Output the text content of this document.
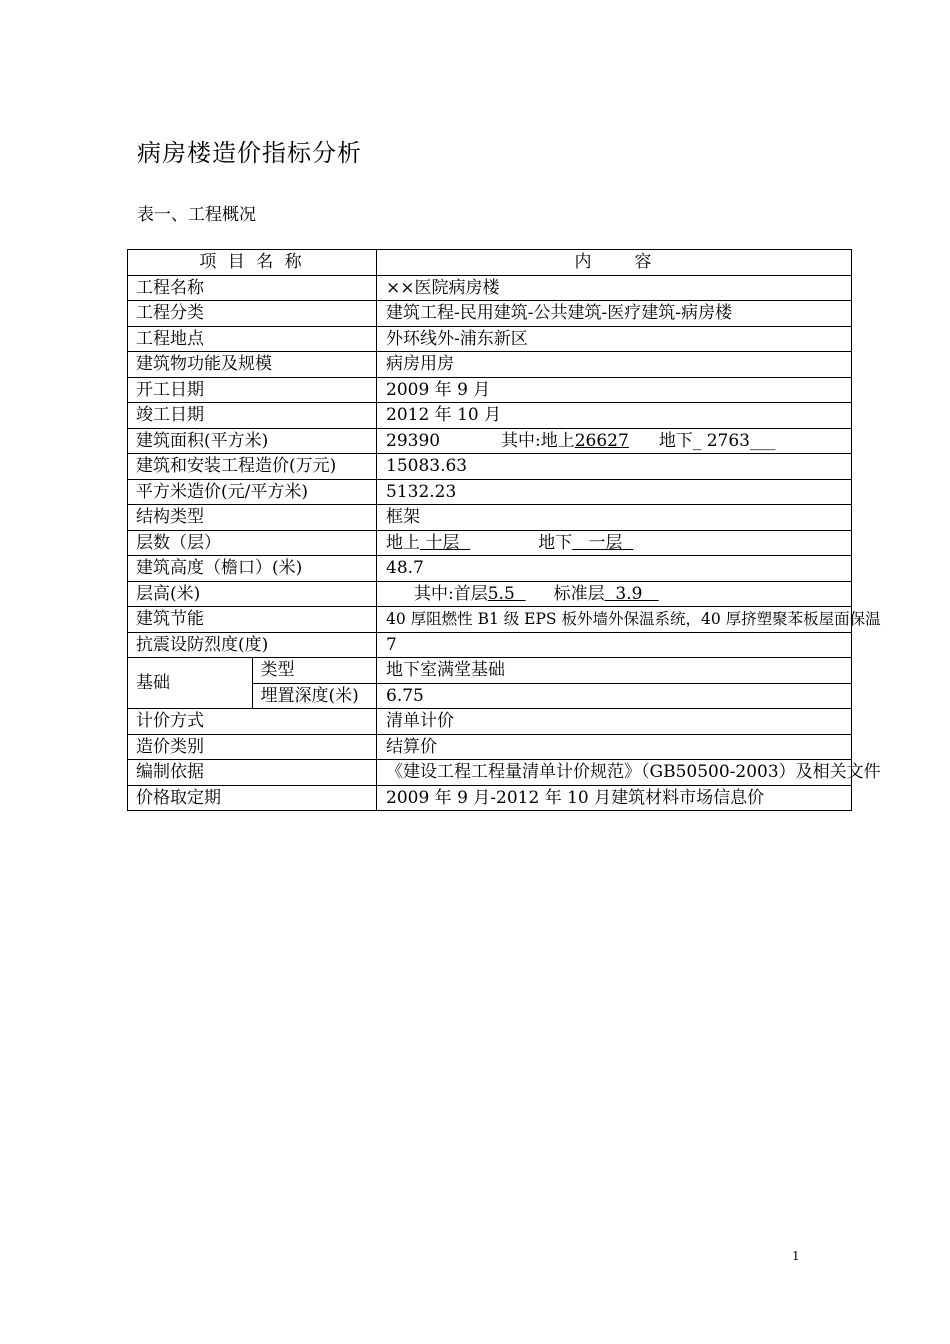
病房楼造价指标分析
表一、工程概况
项 目 名 称		内　　容
工程名称		××医院病房楼
工程分类		建筑工程-民用建筑-公共建筑-医疗建筑-病房楼
工程地点		外环线外-浦东新区
建筑物功能及规模		病房用房
开工日期		2009 年 9 月
竣工日期		2012 年 10 月
建筑面积(平方米)		29390 其中:地上26627 地下_ 2763___
建筑和安装工程造价(万元)		15083.63
平方米造价(元/平方米)		5132.23
结构类型		框架
层数（层）		地上 十层 地下 一层
建筑高度（檐口）(米)		48.7
层高(米)		其中:首层5.5 标准层 3.9
建筑节能		40 厚阻燃性 B1 级 EPS 板外墙外保温系统，40 厚挤塑聚苯板屋面保温
抗震设防烈度(度)		7
基础	类型	地下室满堂基础
	埋置深度(米)	6.75
计价方式		清单计价
造价类别		结算价
编制依据		《建设工程工程量清单计价规范》（GB50500-2003）及相关文件
价格取定期		2009 年 9 月-2012 年 10 月建筑材料市场信息价
1
